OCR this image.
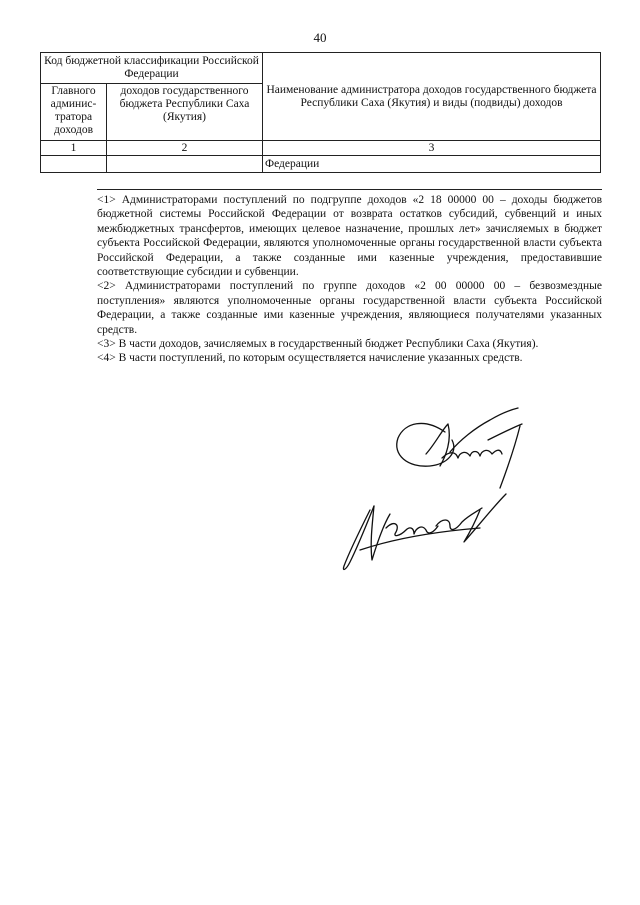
40
Код бюджетной классификации Российской Федерации		Наименование администратора доходов государственного бюджета Республики Саха (Якутия) и виды (подвиды) доходов
Главного админис-тратора доходов	доходов государственного бюджета Республики Саха (Якутия)	
1	2	3
		Федерации

<1> Администраторами поступлений по подгруппе доходов «2 18 00000 00 – доходы бюджетов бюджетной системы Российской Федерации от возврата остатков субсидий, субвенций и иных межбюджетных трансфертов, имеющих целевое назначение, прошлых лет» зачисляемых в бюджет субъекта Российской Федерации, являются уполномоченные органы государственной власти субъекта Российской Федерации, а также созданные ими казенные учреждения, предоставившие соответствующие субсидии и субвенции.

<2> Администраторами поступлений по группе доходов «2 00 00000 00 – безвозмездные поступления» являются уполномоченные органы государственной власти субъекта Российской Федерации, а также созданные ими казенные учреждения, являющиеся получателями указанных средств.

<3> В части доходов, зачисляемых в государственный бюджет Республики Саха (Якутия).

<4> В части поступлений, по которым осуществляется начисление указанных средств.
